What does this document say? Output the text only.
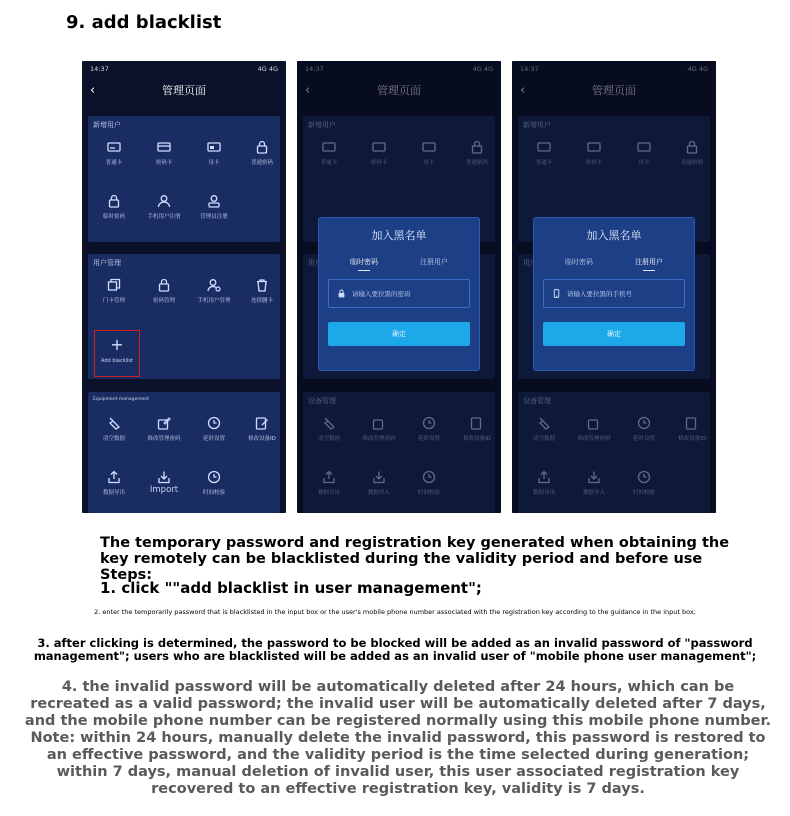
9. add blacklist
14:37	4G 4G
‹	管理页面
新增用户
普通卡	密码卡	母卡	普通密码
临时密码	手机用户注册	管理员注册
用户管理
门卡管理	密码管理	手机用户管理	连续删卡
+
Add blacklist
Equipment management
清空数据	修改管理密码	延时设置	修改设备ID
数据导出	Import	时间校验
加入黑名单
临时密码	注册用户
请输入要拉黑的密码
确定
加入黑名单
临时密码	注册用户
请输入要拉黑的手机号
确定
The temporary password and registration key generated when obtaining the key remotely can be blacklisted during the validity period and before use Steps:
1. click ""add blacklist in user management";
2. enter the temporarily password that is blacklisted in the input box or the user's mobile phone number associated with the registration key according to the guidance in the input box;
3. after clicking is determined, the password to be blocked will be added as an invalid password of "password management"; users who are blacklisted will be added as an invalid user of "mobile phone user management";
4. the invalid password will be automatically deleted after 24 hours, which can be recreated as a valid password; the invalid user will be automatically deleted after 7 days, and the mobile phone number can be registered normally using this mobile phone number. Note: within 24 hours, manually delete the invalid password, this password is restored to an effective password, and the validity period is the time selected during generation; within 7 days, manual deletion of invalid user, this user associated registration key recovered to an effective registration key, validity is 7 days.
